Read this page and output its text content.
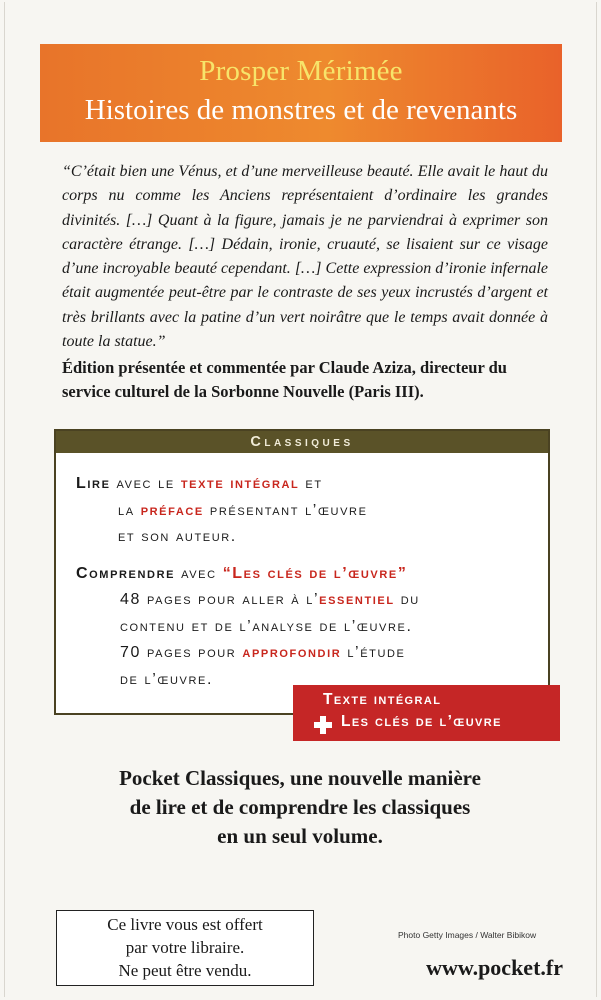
Prosper Mérimée
Histoires de monstres et de revenants

“C’était bien une Vénus, et d’une merveilleuse beauté. Elle avait le haut du corps nu comme les Anciens représentaient d’ordinaire les grandes divinités. […] Quant à la figure, jamais je ne parviendrai à exprimer son caractère étrange. […] Dédain, ironie, cruauté, se lisaient sur ce visage d’une incroyable beauté cependant. […] Cette expression d’ironie infernale était augmentée peut-être par le contraste de ses yeux incrustés d’argent et très brillants avec la patine d’un vert noirâtre que le temps avait donnée à toute la statue.”

Édition présentée et commentée par Claude Aziza, directeur du service culturel de la Sorbonne Nouvelle (Paris III).

Classiques
Lire avec le texte intégral et
la préface présentant l’œuvre
et son auteur.
Comprendre avec “Les clés de l’œuvre”
48 pages pour aller à l’essentiel du
contenu et de l’analyse de l’œuvre.
70 pages pour approfondir l’étude
de l’œuvre.
Texte intégral
Les clés de l’œuvre
Pocket Classiques, une nouvelle manière
de lire et de comprendre les classiques
en un seul volume.
Ce livre vous est offert
par votre libraire.
Ne peut être vendu.
Photo Getty Images / Walter Bibikow
www.pocket.fr
